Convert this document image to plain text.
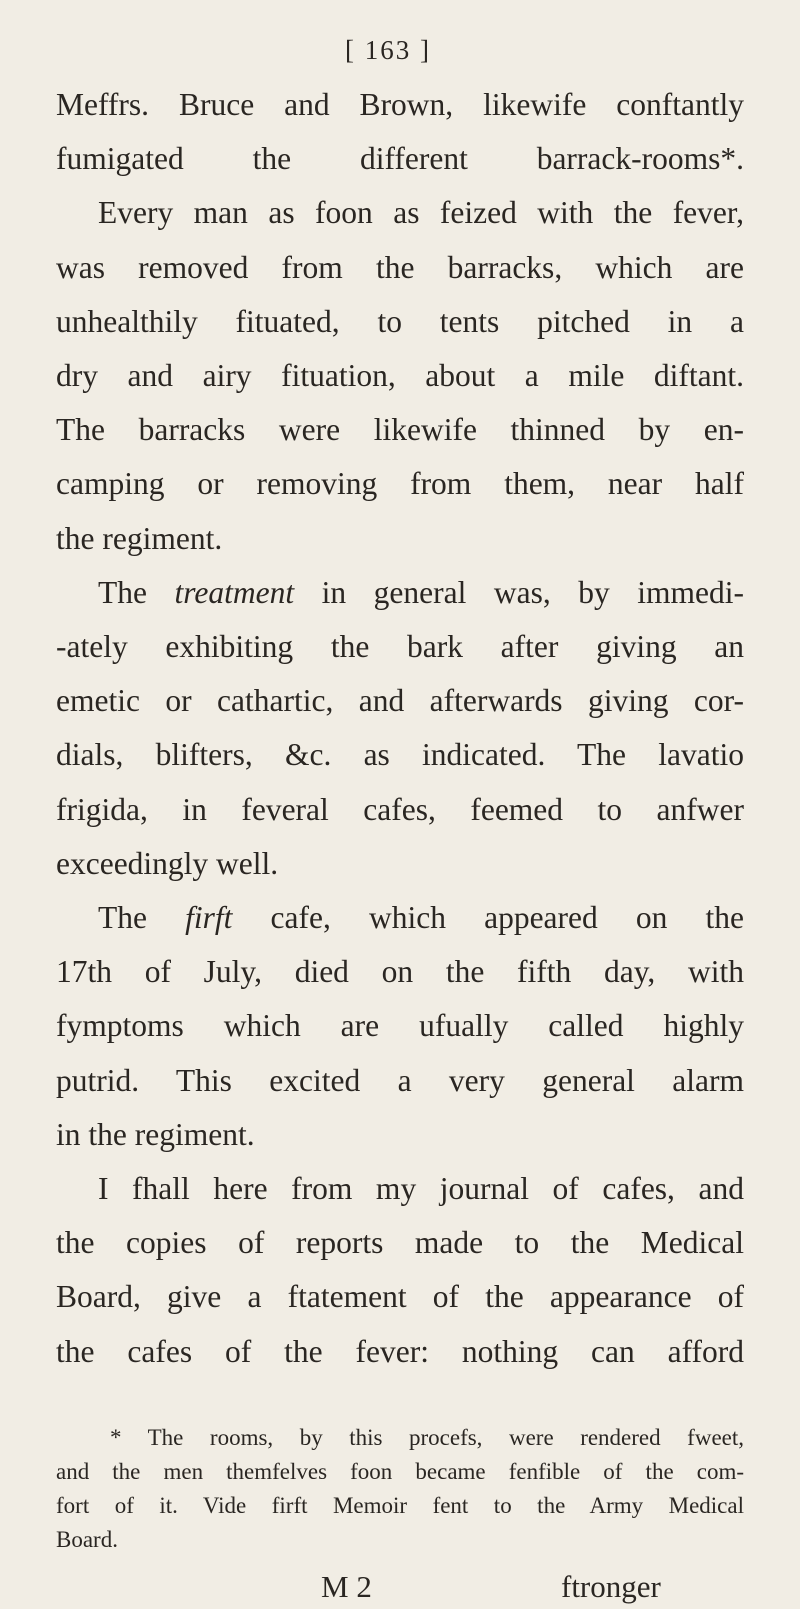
[ 163 ]
Meffrs. Bruce and Brown, likewife conftantly
fumigated the different barrack-rooms*.
Every man as foon as feized with the fever,
was removed from the barracks, which are
unhealthily fituated, to tents pitched in a
dry and airy fituation, about a mile diftant.
The barracks were likewife thinned by en-
camping or removing from them, near half
the regiment.
The treatment in general was, by immedi-
-ately exhibiting the bark after giving an
emetic or cathartic, and afterwards giving cor-
dials, blifters, &c. as indicated. The lavatio
frigida, in feveral cafes, feemed to anfwer
exceedingly well.
The firft cafe, which appeared on the
17th of July, died on the fifth day, with
fymptoms which are ufually called highly
putrid. This excited a very general alarm
in the regiment.
I fhall here from my journal of cafes, and
the copies of reports made to the Medical
Board, give a ftatement of the appearance of
the cafes of the fever: nothing can afford
* The rooms, by this procefs, were rendered fweet,
and the men themfelves foon became fenfible of the com-
fort of it. Vide firft Memoir fent to the Army Medical
Board.
M 2	ftronger
